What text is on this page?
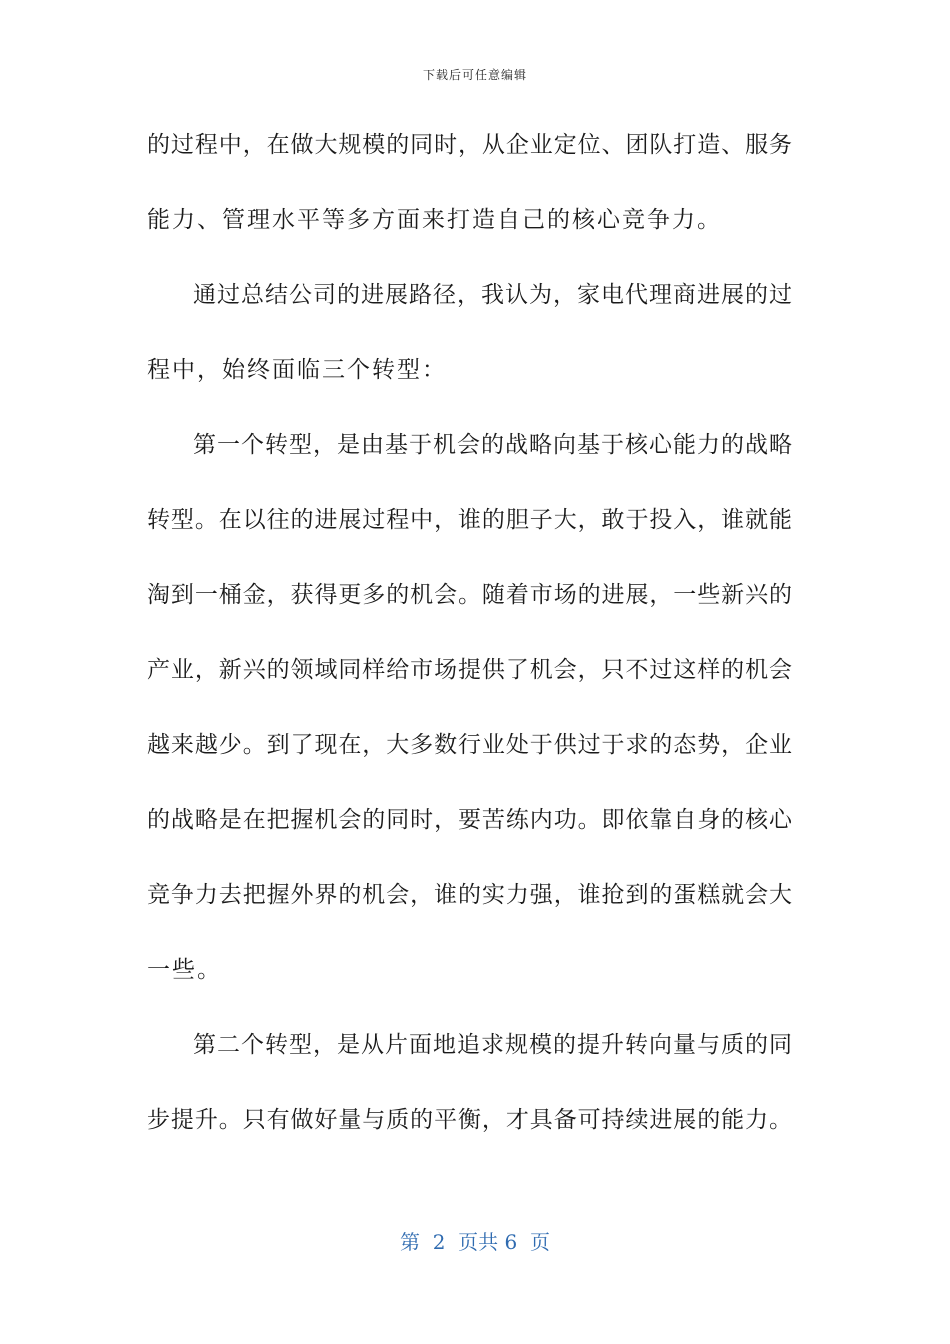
下载后可任意编辑
的过程中，在做大规模的同时，从企业定位、团队打造、服务
能力、管理水平等多方面来打造自己的核心竞争力。
通过总结公司的进展路径，我认为，家电代理商进展的过
程中，始终面临三个转型：
第一个转型，是由基于机会的战略向基于核心能力的战略
转型。在以往的进展过程中，谁的胆子大，敢于投入，谁就能
淘到一桶金，获得更多的机会。随着市场的进展，一些新兴的
产业，新兴的领域同样给市场提供了机会，只不过这样的机会
越来越少。到了现在，大多数行业处于供过于求的态势，企业
的战略是在把握机会的同时，要苦练内功。即依靠自身的核心
竞争力去把握外界的机会，谁的实力强，谁抢到的蛋糕就会大
一些。
第二个转型，是从片面地追求规模的提升转向量与质的同
步提升。只有做好量与质的平衡，才具备可持续进展的能力。
第  2  页共 6  页
